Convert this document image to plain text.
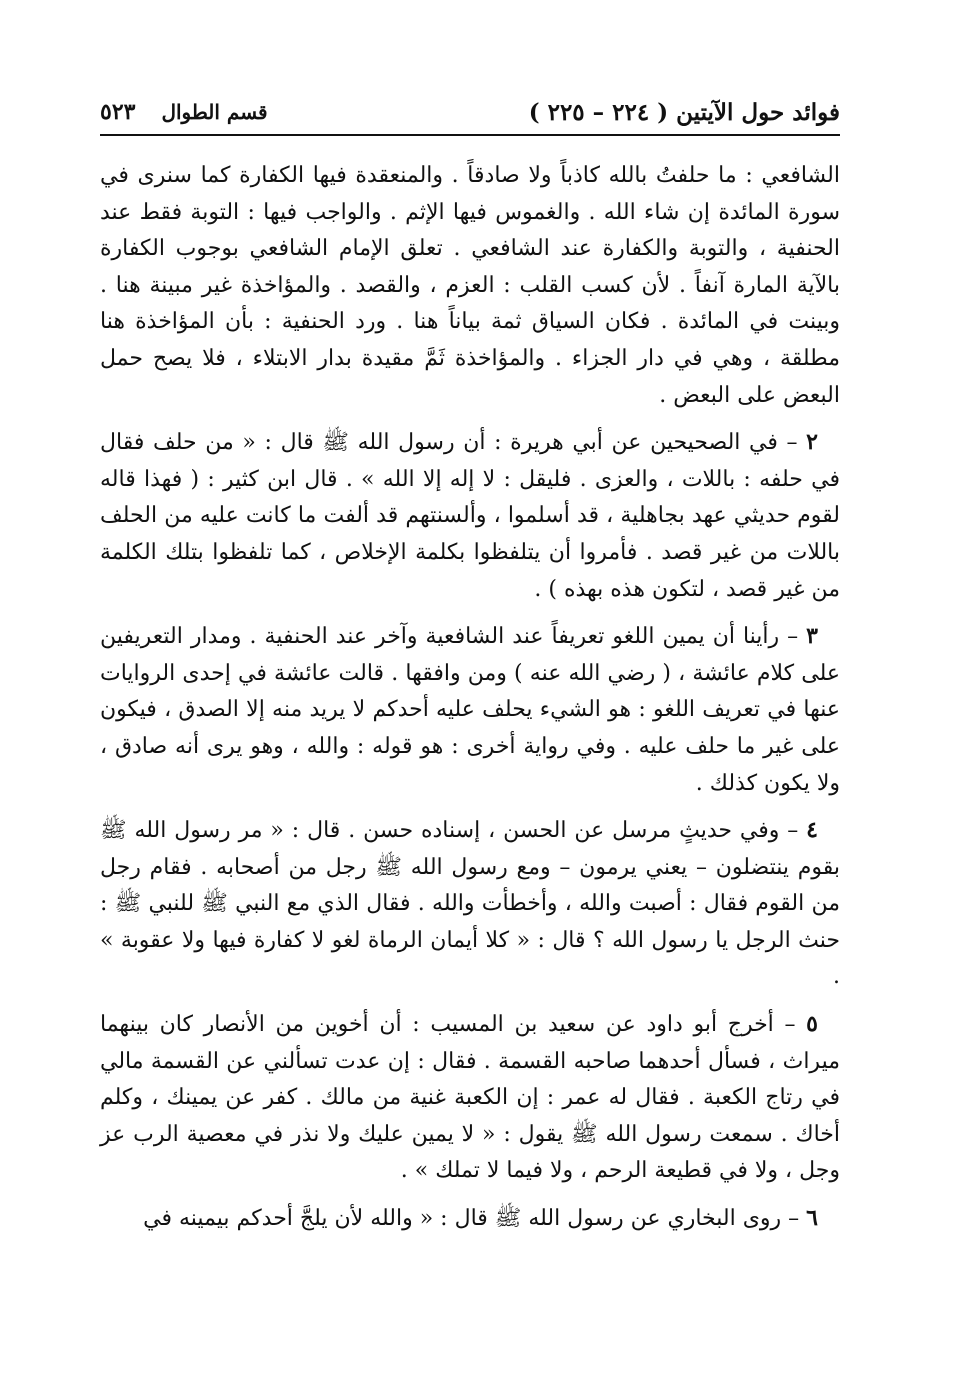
فوائد حول الآيتين ( ٢٢٤ – ٢٢٥ )
قسم الطوال
٥٢٣

الشافعي : ما حلفتُ بالله كاذباً ولا صادقاً . والمنعقدة فيها الكفارة كما سنرى في سورة المائدة إن شاء الله . والغموس فيها الإثم . والواجب فيها : التوبة فقط عند الحنفية ، والتوبة والكفارة عند الشافعي . تعلق الإمام الشافعي بوجوب الكفارة بالآية المارة آنفاً . لأن كسب القلب : العزم ، والقصد . والمؤاخذة غير مبينة هنا . وبينت في المائدة . فكان السياق ثمة بياناً هنا . ورد الحنفية : بأن المؤاخذة هنا مطلقة ، وهي في دار الجزاء . والمؤاخذة ثَمَّ مقيدة بدار الابتلاء ، فلا يصح حمل البعض على البعض .

٢ – في الصحيحين عن أبي هريرة : أن رسول الله ﷺ قال : « من حلف فقال في حلفه : باللات ، والعزى . فليقل : لا إله إلا الله » . قال ابن كثير : ( فهذا قاله لقوم حديثي عهد بجاهلية ، قد أسلموا ، وألسنتهم قد ألفت ما كانت عليه من الحلف باللات من غير قصد . فأمروا أن يتلفظوا بكلمة الإخلاص ، كما تلفظوا بتلك الكلمة من غير قصد ، لتكون هذه بهذه ) .

٣ – رأينا أن يمين اللغو تعريفاً عند الشافعية وآخر عند الحنفية . ومدار التعريفين على كلام عائشة ، ( رضي الله عنه ) ومن وافقها . قالت عائشة في إحدى الروايات عنها في تعريف اللغو : هو الشيء يحلف عليه أحدكم لا يريد منه إلا الصدق ، فيكون على غير ما حلف عليه . وفي رواية أخرى : هو قوله : والله ، وهو يرى أنه صادق ، ولا يكون كذلك .

٤ – وفي حديثٍ مرسل عن الحسن ، إسناده حسن . قال : « مر رسول الله ﷺ بقوم ينتضلون – يعني يرمون – ومع رسول الله ﷺ رجل من أصحابه . فقام رجل من القوم فقال : أصبت والله ، وأخطأت والله . فقال الذي مع النبي ﷺ للنبي ﷺ : حنث الرجل يا رسول الله ؟ قال : « كلا أيمان الرماة لغو لا كفارة فيها ولا عقوبة » .

٥ – أخرج أبو داود عن سعيد بن المسيب : أن أخوين من الأنصار كان بينهما ميراث ، فسأل أحدهما صاحبه القسمة . فقال : إن عدت تسألني عن القسمة مالي في رتاج الكعبة . فقال له عمر : إن الكعبة غنية من مالك . كفر عن يمينك ، وكلم أخاك . سمعت رسول الله ﷺ يقول : « لا يمين عليك ولا نذر في معصية الرب عز وجل ، ولا في قطيعة الرحم ، ولا فيما لا تملك » .

٦ – روى البخاري عن رسول الله ﷺ قال : « والله لأن يلجَّ أحدكم بيمينه في
